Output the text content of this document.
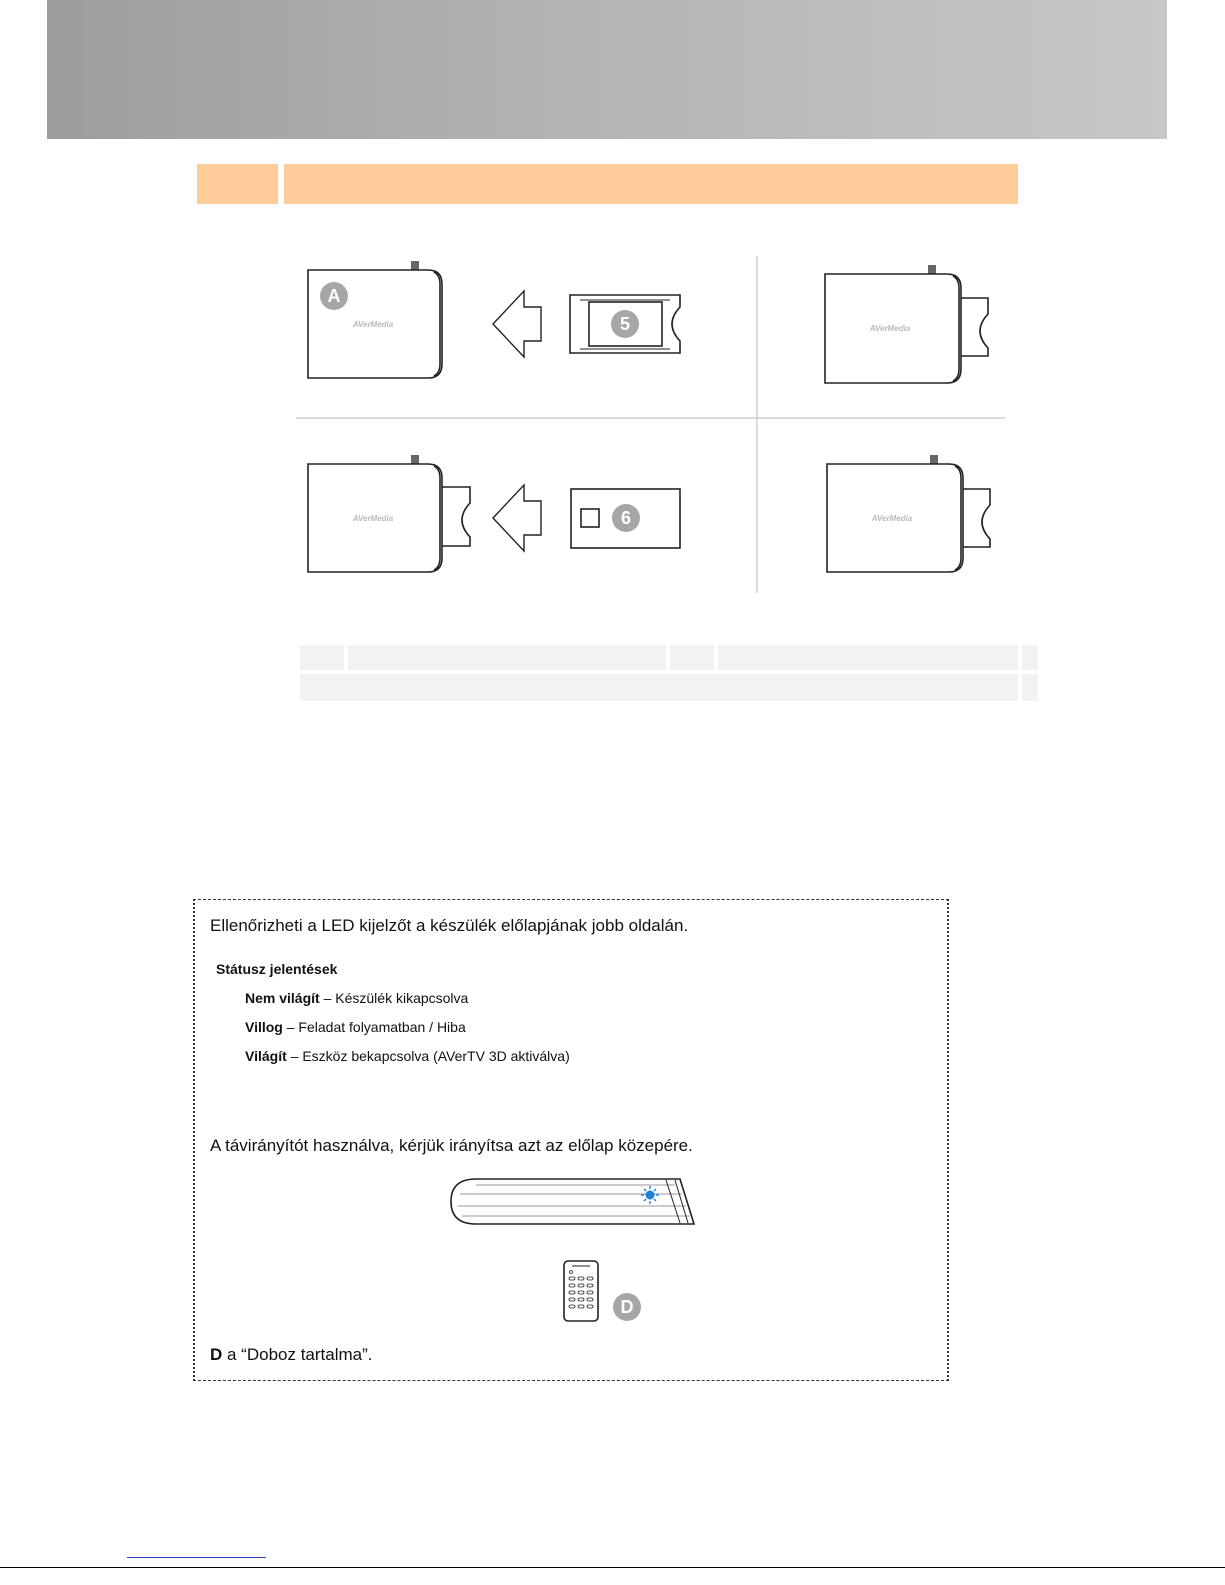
A
AVerMedia	5	AVerMedia
AVerMedia	6	AVerMedia
Ellenőrizheti a LED kijelzőt a készülék előlapjának jobb oldalán.
Státusz jelentések
Nem világít – Készülék kikapcsolva
Villog – Feladat folyamatban / Hiba
Világít – Eszköz bekapcsolva (AVerTV 3D aktiválva)
A távirányítót használva, kérjük irányítsa azt az előlap közepére.
D
D a “Doboz tartalma”.
